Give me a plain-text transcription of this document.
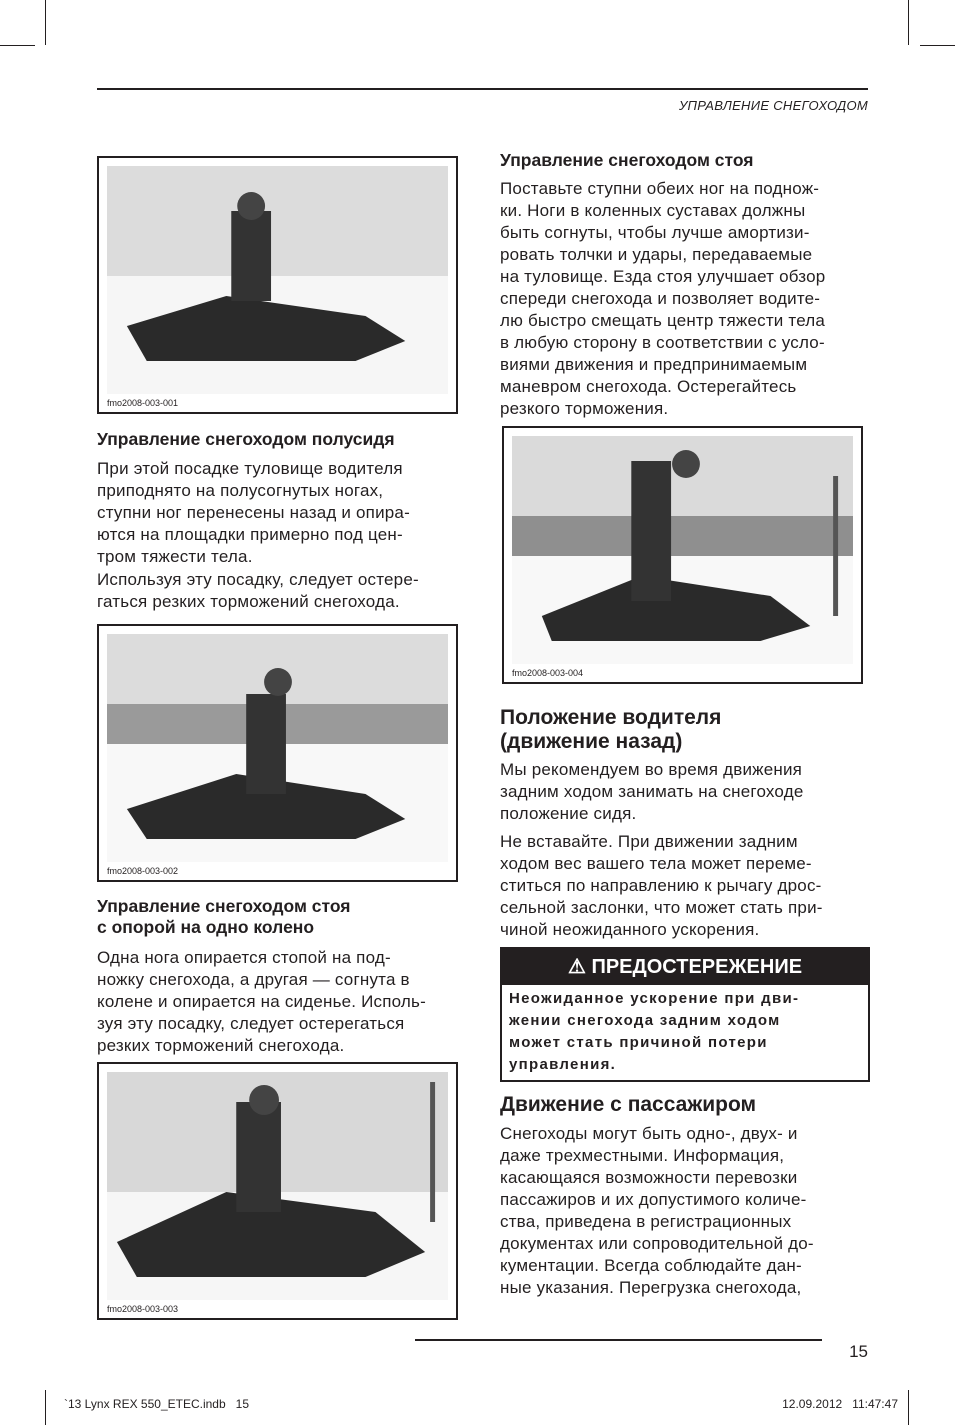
УПРАВЛЕНИЕ СНЕГОХОДОМ
fmo2008-003-001
Управление снегоходом полусидя
При этой посадке туловище водителя
приподнято на полусогнутых ногах,
ступни ног перенесены назад и опира-
ются на площадки примерно под цен-
тром тяжести тела.
Используя эту посадку, следует остере-
гаться резких торможений снегохода.
fmo2008-003-002
Управление снегоходом стоя
с опорой на одно колено
Одна нога опирается стопой на под-
ножку снегохода, а другая — согнута в
колене и опирается на сиденье. Исполь-
зуя эту посадку, следует остерегаться
резких торможений снегохода.
fmo2008-003-003
Управление снегоходом стоя
Поставьте ступни обеих ног на поднож-
ки. Ноги в коленных суставах должны
быть согнуты, чтобы лучше амортизи-
ровать толчки и удары, передаваемые
на туловище. Езда стоя улучшает обзор
спереди снегохода и позволяет водите-
лю быстро смещать центр тяжести тела
в любую сторону в соответствии с усло-
виями движения и предпринимаемым
маневром снегохода. Остерегайтесь
резкого торможения.
fmo2008-003-004
Положение водителя
(движение назад)
Мы рекомендуем во время движения
задним ходом занимать на снегоходе
положение сидя.
Не вставайте. При движении задним
ходом вес вашего тела может переме-
ститься по направлению к рычагу дрос-
сельной заслонки, что может стать при-
чиной неожиданного ускорения.
⚠ ПРЕДОСТЕРЕЖЕНИЕ
Неожиданное ускорение при дви-
жении снегохода задним ходом
может стать причиной потери
управления.
Движение с пассажиром
Снегоходы могут быть одно-, двух- и
даже трехместными. Информация,
касающаяся возможности перевозки
пассажиров и их допустимого количе-
ства, приведена в регистрационных
документах или сопроводительной до-
кументации. Всегда соблюдайте дан-
ные указания. Перегрузка снегохода,
15
`13 Lynx REX 550_ETEC.indb   15	12.09.2012   11:47:47
